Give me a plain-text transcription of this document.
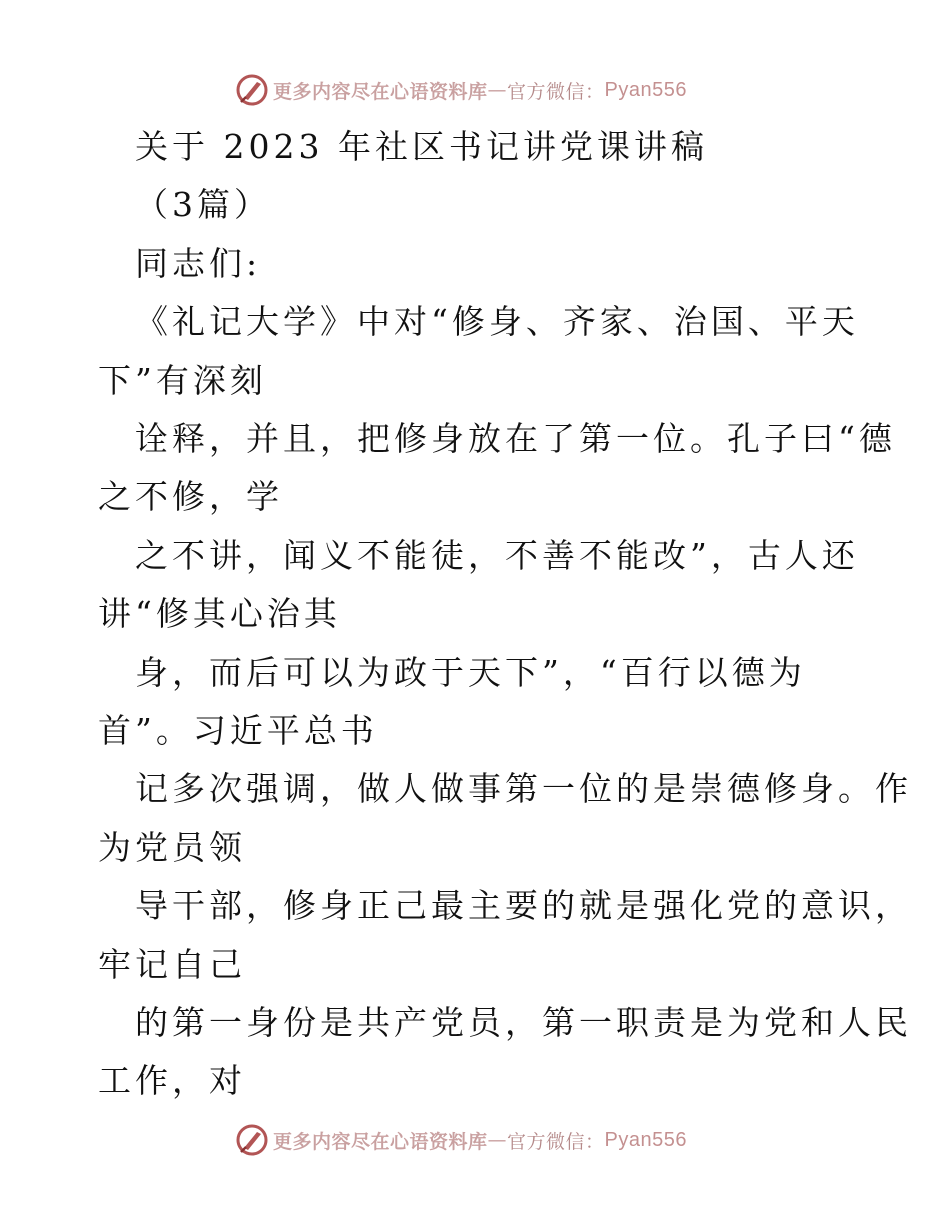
更多内容尽在心语资料库 — 官方微信： Pyan556
关于 2023 年社区书记讲党课讲稿
（3篇）
同志们:
《礼记大学》中对“修身、齐家、治国、平天
下”有深刻
诠释，并且，把修身放在了第一位。孔子曰“德
之不修，学
之不讲，闻义不能徒，不善不能改”，古人还
讲“修其心治其
身，而后可以为政于天下”，“百行以德为
首”。习近平总书
记多次强调，做人做事第一位的是崇德修身。作
为党员领
导干部，修身正己最主要的就是强化党的意识，
牢记自己
的第一身份是共产党员，第一职责是为党和人民
工作，对
更多内容尽在心语资料库 — 官方微信： Pyan556
